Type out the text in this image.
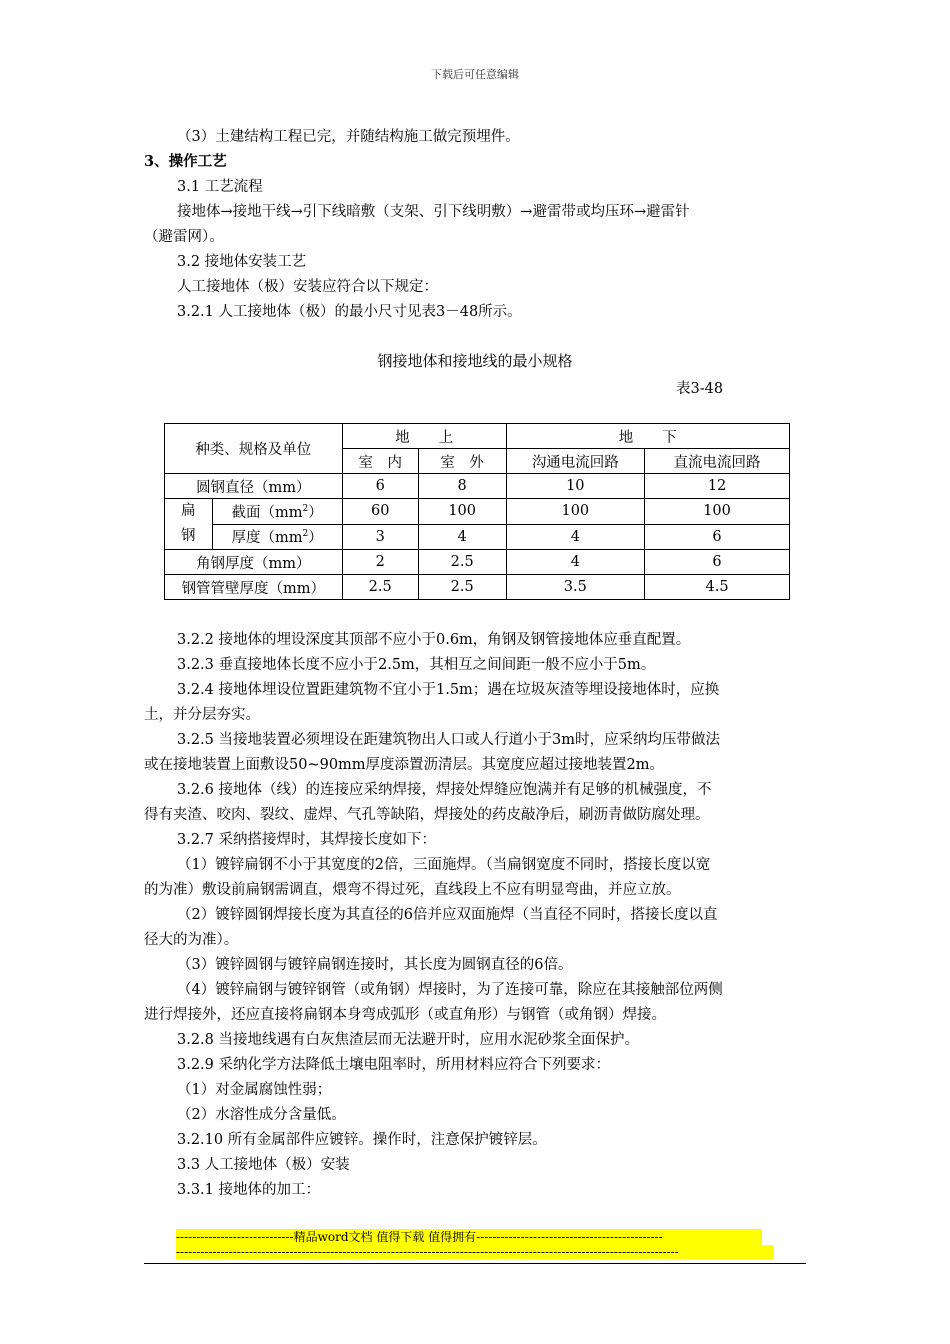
下载后可任意编辑
（3）土建结构工程已完，并随结构施工做完预埋件。
3、操作工艺
3.1 工艺流程
接地体→接地干线→引下线暗敷（支架、引下线明敷）→避雷带或均压环→避雷针
（避雷网）。
3.2 接地体安装工艺
人工接地体（极）安装应符合以下规定：
3.2.1 人工接地体（极）的最小尺寸见表3－48所示。
钢接地体和接地线的最小规格
表3-48
种类、规格及单位		地　　上		地　　下	
		室　内	室　外	沟通电流回路	直流电流回路
圆钢直径（mm）		6	8	10	12
扁
钢	截面$(mm^2)$	60	100	100	100
	厚度$(mm^2)$	3	4	4	6
角钢厚度（mm）		2	2.5	4	6
钢管管壁厚度（mm）		2.5	2.5	3.5	4.5
3.2.2 接地体的埋设深度其顶部不应小于0.6m，角钢及钢管接地体应垂直配置。
3.2.3 垂直接地体长度不应小于2.5m，其相互之间间距一般不应小于5m。
3.2.4 接地体埋设位置距建筑物不宜小于1.5m；遇在垃圾灰渣等埋设接地体时，应换
土，并分层夯实。
3.2.5 当接地装置必须埋设在距建筑物出人口或人行道小于3m时，应采纳均压带做法
或在接地装置上面敷设50~90mm厚度添置沥清层。其宽度应超过接地装置2m。
3.2.6 接地体（线）的连接应采纳焊接，焊接处焊缝应饱满并有足够的机械强度，不
得有夹渣、咬肉、裂纹、虚焊、气孔等缺陷，焊接处的药皮敲净后，刷沥青做防腐处理。
3.2.7 采纳搭接焊时，其焊接长度如下：
（1）镀锌扁钢不小于其宽度的2倍，三面施焊。（当扁钢宽度不同时，搭接长度以宽
的为准）敷设前扁钢需调直，煨弯不得过死，直线段上不应有明显弯曲，并应立放。
（2）镀锌圆钢焊接长度为其直径的6倍并应双面施焊（当直径不同时，搭接长度以直
径大的为准）。
（3）镀锌圆钢与镀锌扁钢连接时，其长度为圆钢直径的6倍。
（4）镀锌扁钢与镀锌钢管（或角钢）焊接时，为了连接可靠，除应在其接触部位两侧
进行焊接外，还应直接将扁钢本身弯成弧形（或直角形）与钢管（或角钢）焊接。
3.2.8 当接地线遇有白灰焦渣层而无法避开时，应用水泥砂浆全面保护。
3.2.9 采纳化学方法降低土壤电阻率时，所用材料应符合下列要求：
（1）对金属腐蚀性弱；
（2）水溶性成分含量低。
3.2.10 所有金属部件应镀锌。操作时，注意保护镀锌层。
3.3 人工接地体（极）安装
3.3.1 接地体的加工：
-----------------------------精品word文档 值得下载 值得拥有----------------------------------------------
----------------------------------------------------------------------------------------------------------------------------
